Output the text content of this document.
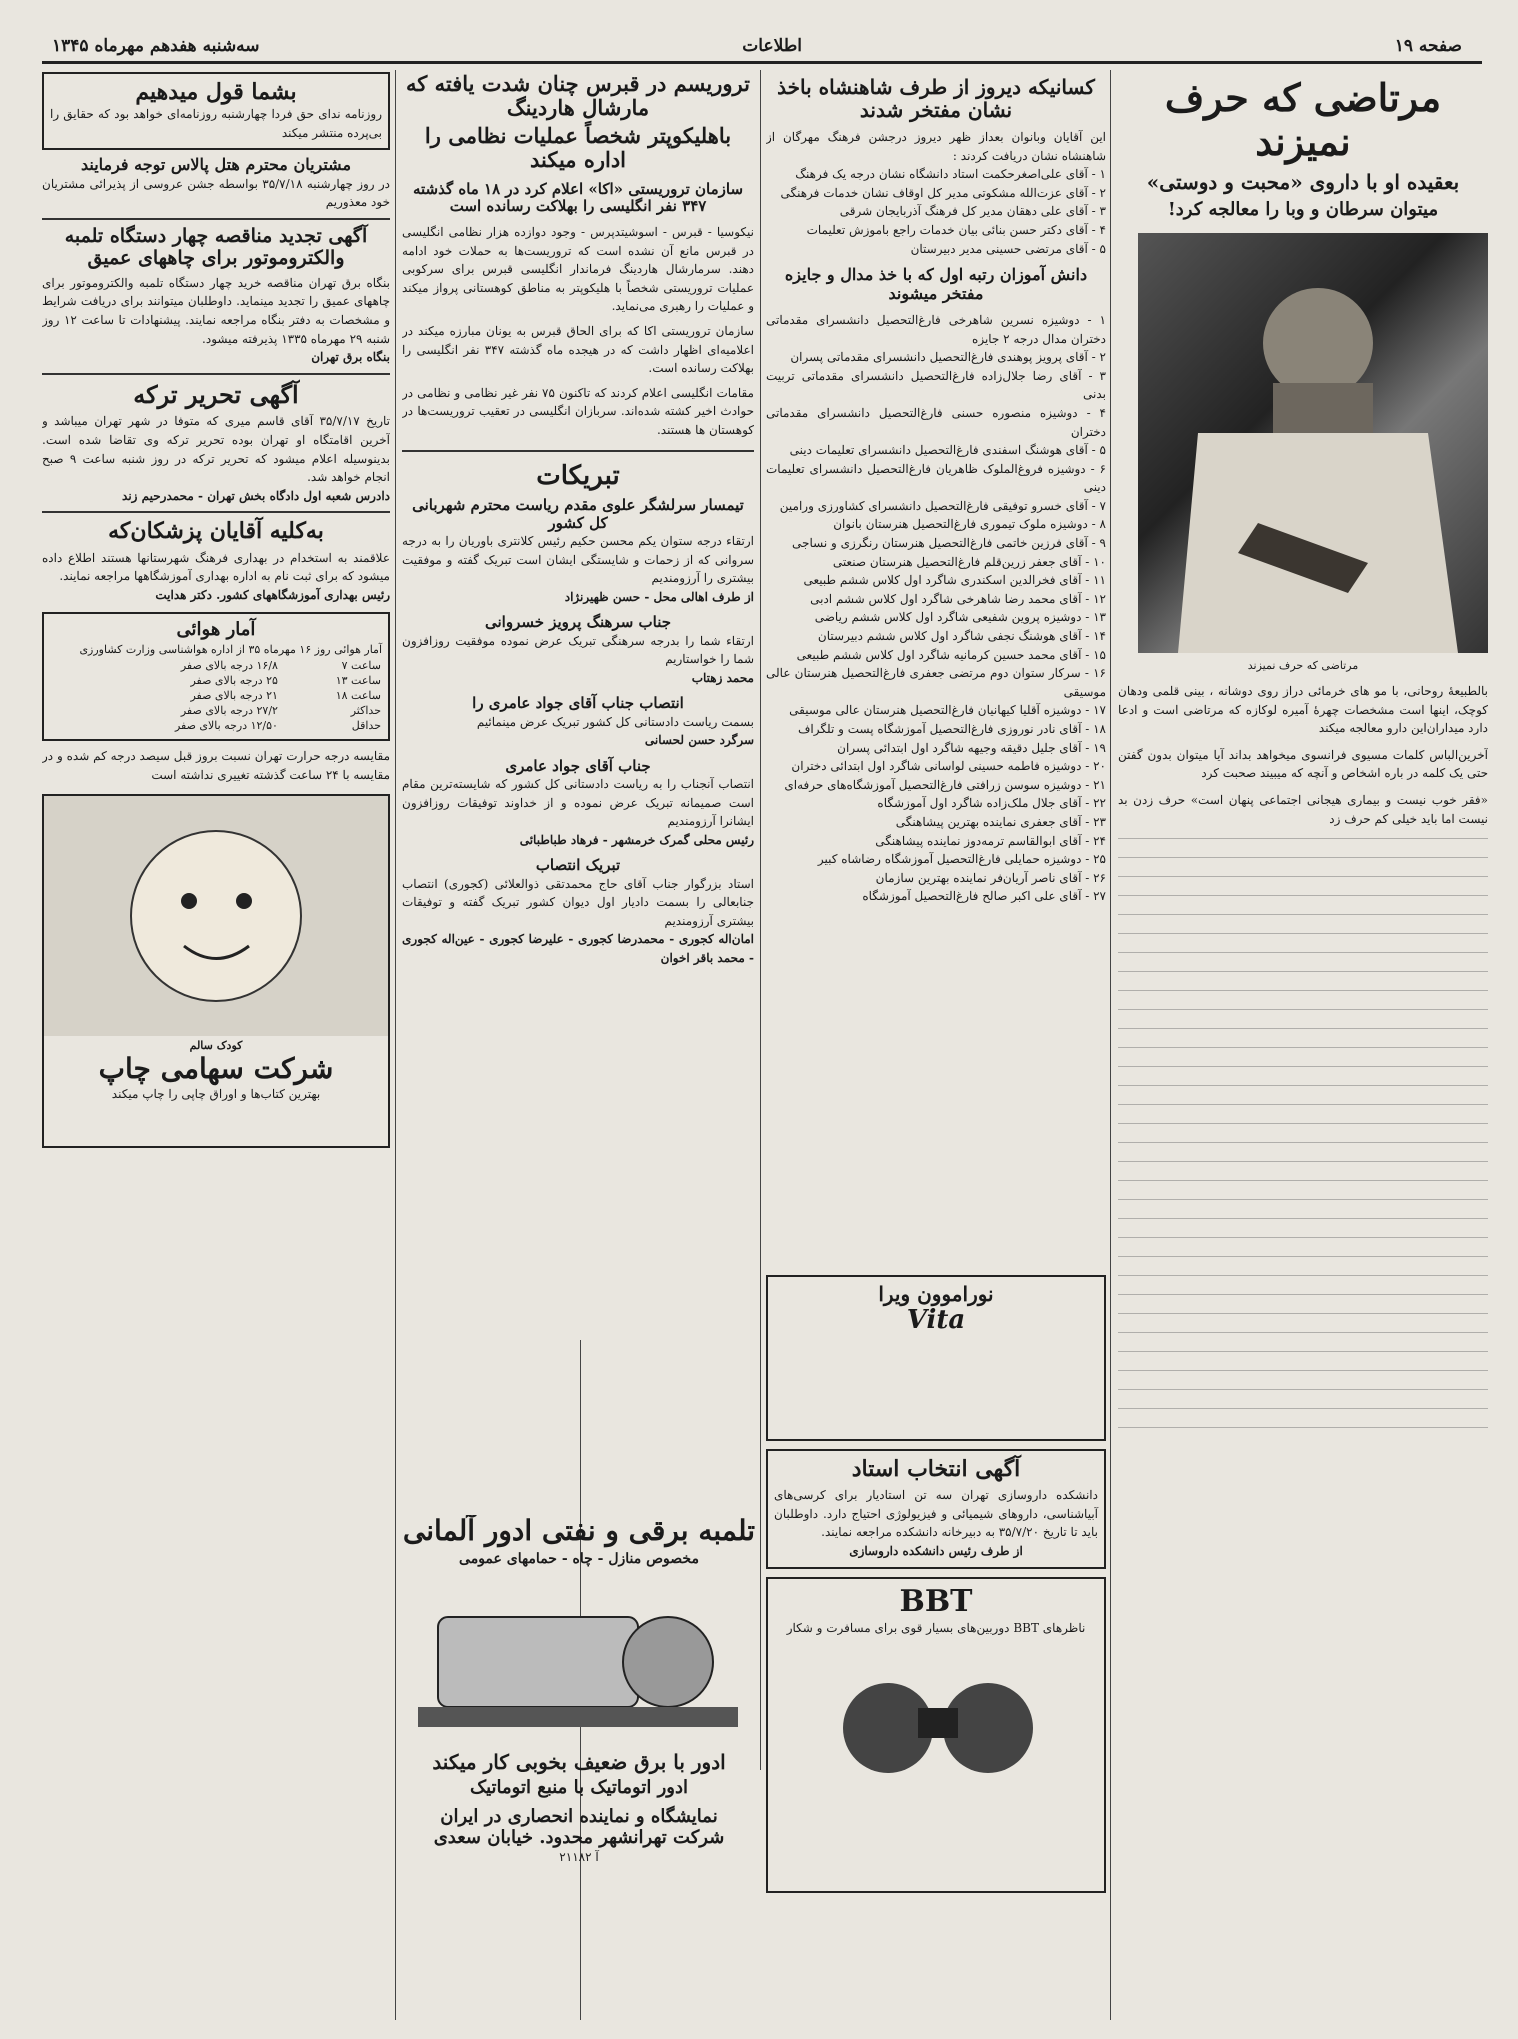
صفحه ۱۹
اطلاعات
سه‌شنبه هفدهم مهرماه ۱۳۴۵
مرتاضی که حرف نمیزند
بعقیده او با داروی «محبت و دوستی»
میتوان سرطان و وبا را معالجه کرد!
مرتاضی که حرف نمیزند
بالطبیعهٔ روحانی، با مو های خرمائی دراز روی دوشانه ، بینی قلمی ودهان کوچک، اینها است مشخصات چهرهٔ آمیره لوکازه که مرتاضی است و ادعا دارد میداران‌این دارو معالجه میکند
آخرین‌الباس کلمات مسیوی فرانسوی میخواهد بداند آیا میتوان بدون گفتن حتی یک کلمه در باره اشخاص و آنچه که میبیند صحبت کرد
«فقر خوب نیست و بیماری هیجانی اجتماعی پنهان است» حرف زدن بد نیست اما باید خیلی کم حرف زد
کسانیکه دیروز از طرف شاهنشاه باخذ نشان مفتخر شدند
این آقایان وبانوان بعداز ظهر دیروز درجشن فرهنگ مهرگان از شاهنشاه نشان دریافت کردند :
۱ - آقای علی‌اصغرحکمت استاد دانشگاه نشان درجه یک فرهنگ
۲ - آقای عزت‌الله مشکوتی مدیر کل اوقاف نشان خدمات فرهنگی
۳ - آقای علی دهقان مدیر کل فرهنگ آذربایجان شرقی
۴ - آقای دکتر حسن بنائی بیان خدمات راجع باموزش تعلیمات
۵ - آقای مرتضی حسینی مدیر دبیرستان
دانش آموزان رتبه اول که با خذ مدال و جایزه مفتخر میشوند
۱ - دوشیزه نسرین شاهرخی فارغ‌التحصیل دانشسرای مقدماتی دختران مدال درجه ۲ جایزه
۲ - آقای پرویز پوهندی فارغ‌التحصیل دانشسرای مقدماتی پسران
۳ - آقای رضا جلال‌زاده فارغ‌التحصیل دانشسرای مقدماتی تربیت بدنی
۴ - دوشیزه منصوره حسنی فارغ‌التحصیل دانشسرای مقدماتی دختران
۵ - آقای هوشنگ اسفندی فارغ‌التحصیل دانشسرای تعلیمات دینی
۶ - دوشیزه فروغ‌الملوک ظاهریان فارغ‌التحصیل دانشسرای تعلیمات دینی
۷ - آقای خسرو توفیقی فارغ‌التحصیل دانشسرای کشاورزی ورامین
۸ - دوشیزه ملوک تیموری فارغ‌التحصیل هنرستان بانوان
۹ - آقای فرزین خاتمی فارغ‌التحصیل هنرستان رنگرزی و نساجی
۱۰ - آقای جعفر زرین‌قلم فارغ‌التحصیل هنرستان صنعتی
۱۱ - آقای فخرالدین اسکندری شاگرد اول کلاس ششم طبیعی
۱۲ - آقای محمد رضا شاهرخی شاگرد اول کلاس ششم ادبی
۱۳ - دوشیزه پروین شفیعی شاگرد اول کلاس ششم ریاضی
۱۴ - آقای هوشنگ نجفی شاگرد اول کلاس ششم دبیرستان
۱۵ - آقای محمد حسین کرمانیه شاگرد اول کلاس ششم طبیعی
۱۶ - سرکار ستوان دوم مرتضی جعفری فارغ‌التحصیل هنرستان عالی موسیقی
۱۷ - دوشیزه آقلیا کیهانیان فارغ‌التحصیل هنرستان عالی موسیقی
۱۸ - آقای نادر نوروزی فارغ‌التحصیل آموزشگاه پست و تلگراف
۱۹ - آقای جلیل دقیقه وجیهه شاگرد اول ابتدائی پسران
۲۰ - دوشیزه فاطمه حسینی لواسانی شاگرد اول ابتدائی دختران
۲۱ - دوشیزه سوسن زرافتی فارغ‌التحصیل آموزشگاه‌های حرفه‌ای
۲۲ - آقای جلال ملک‌زاده شاگرد اول آموزشگاه
۲۳ - آقای جعفری نماینده بهترین پیشاهنگی
۲۴ - آقای ابوالقاسم ترمه‌دوز نماینده پیشاهنگی
۲۵ - دوشیزه حمایلی فارغ‌التحصیل آموزشگاه رضاشاه کبیر
۲۶ - آقای ناصر آریان‌فر نماینده بهترین سازمان
۲۷ - آقای علی اکبر صالح فارغ‌التحصیل آموزشگاه
تروریسم در قبرس چنان شدت یافته که مارشال هاردینگ
باهلیکوپتر شخصاً عملیات نظامی را اداره میکند
سازمان تروریستی «اکا» اعلام کرد در ۱۸ ماه گذشته ۳۴۷ نفر انگلیسی را بهلاکت رسانده است
نیکوسیا - قبرس - اسوشیتدپرس - وجود دوازده هزار نظامی انگلیسی در قبرس مانع آن نشده است که تروریست‌ها به حملات خود ادامه دهند. سرمارشال هاردینگ فرماندار انگلیسی قبرس برای سرکوبی عملیات تروریستی شخصاً با هلیکوپتر به مناطق کوهستانی پرواز میکند و عملیات را رهبری می‌نماید.
سازمان تروریستی اکا که برای الحاق قبرس به یونان مبارزه میکند در اعلامیه‌ای اظهار داشت که در هیجده ماه گذشته ۳۴۷ نفر انگلیسی را بهلاکت رسانده است.
مقامات انگلیسی اعلام کردند که تاکنون ۷۵ نفر غیر نظامی و نظامی در حوادث اخیر کشته شده‌اند. سربازان انگلیسی در تعقیب تروریست‌ها در کوهستان ها هستند.
تبریکات
تیمسار سرلشگر علوی مقدم ریاست محترم شهربانی کل کشور
ارتقاء درجه ستوان یکم محسن حکیم رئیس کلانتری باوریان را به درجه سروانی که از زحمات و شایستگی ایشان است تبریک گفته و موفقیت بیشتری را آرزومندیم
از طرف اهالی محل - حسن ظهیرنژاد
جناب سرهنگ پرویز خسروانی
ارتقاء شما را بدرجه سرهنگی تبریک عرض نموده موفقیت روزافزون شما را خواستاریم
محمد زهتاب
انتصاب جناب آقای جواد عامری را
بسمت ریاست دادستانی کل کشور تبریک عرض مینمائیم
سرگرد حسن لحسانی
جناب آقای جواد عامری
انتصاب آنجناب را به ریاست دادستانی کل کشور که شایسته‌ترین مقام است صمیمانه تبریک عرض نموده و از خداوند توفیقات روزافزون ایشانرا آرزومندیم
رئیس محلی گمرک خرمشهر - فرهاد طباطبائی
تبریک انتصاب
استاد بزرگوار جناب آقای حاج محمدتقی ذوالعلائی (کجوری) انتصاب جنابعالی را بسمت دادیار اول دیوان کشور تبریک گفته و توفیقات بیشتری آرزومندیم
امان‌اله کجوری - محمدرضا کجوری - علیرضا کجوری - عین‌اله کجوری - محمد باقر اخوان
بشما قول میدهیم
روزنامه ندای حق فردا چهارشنبه روزنامه‌ای خواهد بود که حقایق را بی‌پرده منتشر میکند
مشتریان محترم هتل پالاس توجه فرمایند
در روز چهارشنبه ۳۵/۷/۱۸ بواسطه جشن عروسی از پذیرائی مشتریان خود معذوریم
آگهی تجدید مناقصه چهار دستگاه تلمبه والکتروموتور برای چاههای عمیق
بنگاه برق تهران مناقصه خرید چهار دستگاه تلمبه والکتروموتور برای چاههای عمیق را تجدید مینماید. داوطلبان میتوانند برای دریافت شرایط و مشخصات به دفتر بنگاه مراجعه نمایند. پیشنهادات تا ساعت ۱۲ روز شنبه ۲۹ مهرماه ۱۳۳۵ پذیرفته میشود.
بنگاه برق تهران
آگهی تحریر ترکه
تاریخ ۳۵/۷/۱۷ آقای قاسم میری که متوفا در شهر تهران میباشد و آخرین اقامتگاه او تهران بوده تحریر ترکه وی تقاضا شده است. بدینوسیله اعلام میشود که تحریر ترکه در روز شنبه ساعت ۹ صبح انجام خواهد شد.
دادرس شعبه اول دادگاه بخش تهران - محمدرحیم زند
به‌کلیه آقایان پزشکان‌که
علاقمند به استخدام در بهداری فرهنگ شهرستانها هستند اطلاع داده میشود که برای ثبت نام به اداره بهداری آموزشگاهها مراجعه نمایند.
رئیس بهداری آموزشگاههای کشور. دکتر هدایت
آمار هوائی
آمار هوائی روز ۱۶ مهرماه ۳۵ از اداره هواشناسی وزارت کشاورزی
ساعت ۷	۱۶/۸ درجه بالای صفر
ساعت ۱۳	۲۵ درجه بالای صفر
ساعت ۱۸	۲۱ درجه بالای صفر
حداکثر	۲۷/۲ درجه بالای صفر
حداقل	۱۲/۵۰ درجه بالای صفر
مقایسه درجه حرارت تهران نسبت بروز قبل سیصد درجه کم شده و در مقایسه با ۲۴ ساعت گذشته تغییری نداشته است
کودک سالم
شرکت سهامی چاپ
بهترین کتاب‌ها و اوراق چاپی را چاپ میکند
تلمبه برقی و نفتی ادور آلمانی
مخصوص منازل - چاه - حمامهای عمومی
ادور با برق ضعیف بخوبی کار میکند
ادور اتوماتیک با منبع اتوماتیک
نمایشگاه و نماینده انحصاری در ایران
شرکت تهرانشهر محدود. خیابان سعدی
آ ۲۱۱۸۲
نوراموون ویرا
Vita
آگهی انتخاب استاد
دانشکده داروسازی تهران سه تن استادیار برای کرسی‌های آبیاشناسی، داروهای شیمیائی و فیزیولوژی احتیاج دارد. داوطلبان باید تا تاریخ ۳۵/۷/۲۰ به دبیرخانه دانشکده مراجعه نمایند.
از طرف رئیس دانشکده داروسازی
BBT
ناظرهای BBT دوربین‌های بسیار قوی برای مسافرت و شکار
